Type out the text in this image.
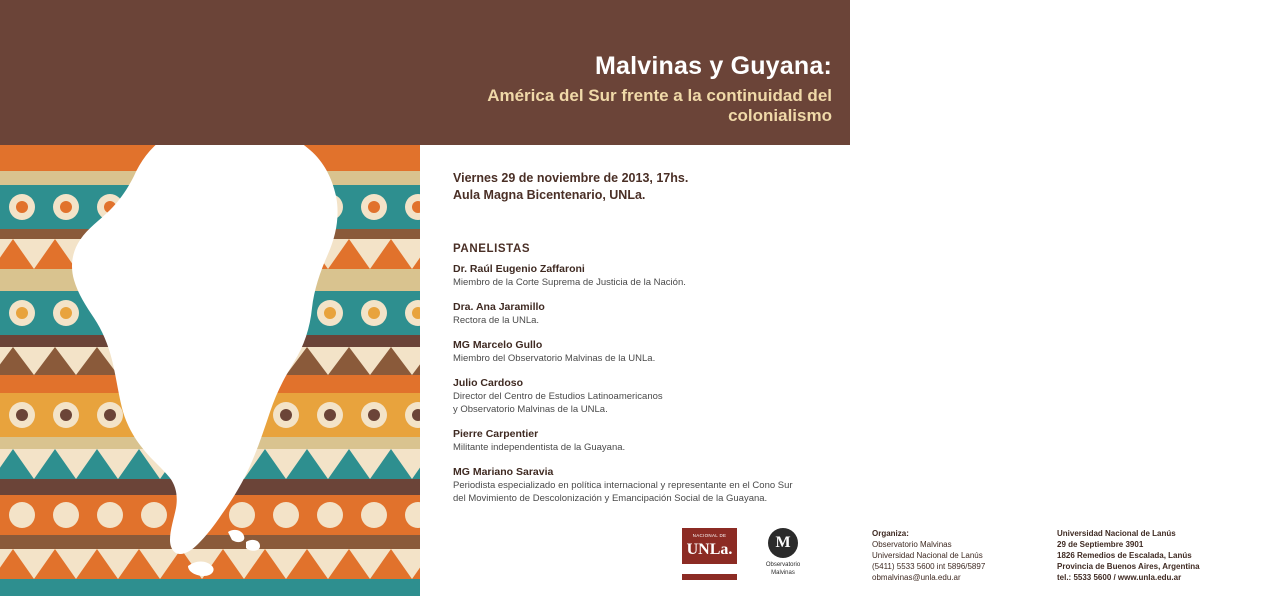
Malvinas y Guyana:
América del Sur frente a la continuidad del colonialismo
Viernes 29 de noviembre de 2013, 17hs.
Aula Magna Bicentenario, UNLa.
PANELISTAS
Dr. Raúl Eugenio Zaffaroni
Miembro de la Corte Suprema de Justicia de la Nación.
Dra. Ana Jaramillo
Rectora de la UNLa.
MG Marcelo Gullo
Miembro del Observatorio Malvinas de la UNLa.
Julio Cardoso
Director del Centro de Estudios Latinoamericanos
y Observatorio Malvinas de la UNLa.
Pierre Carpentier
Militante independentista de la Guayana.
MG Mariano Saravia
Periodista especializado en política internacional y representante en el Cono Sur
del Movimiento de Descolonización y Emancipación Social de la Guayana.
NACIONAL DE
UNLa.	M
Observatorio
Malvinas
Organiza:
Observatorio Malvinas
Universidad Nacional de Lanús
(5411) 5533 5600 int 5896/5897
obmalvinas@unla.edu.ar
Universidad Nacional de Lanús
29 de Septiembre 3901
1826 Remedios de Escalada, Lanús
Provincia de Buenos Aires, Argentina
tel.: 5533 5600 / www.unla.edu.ar
